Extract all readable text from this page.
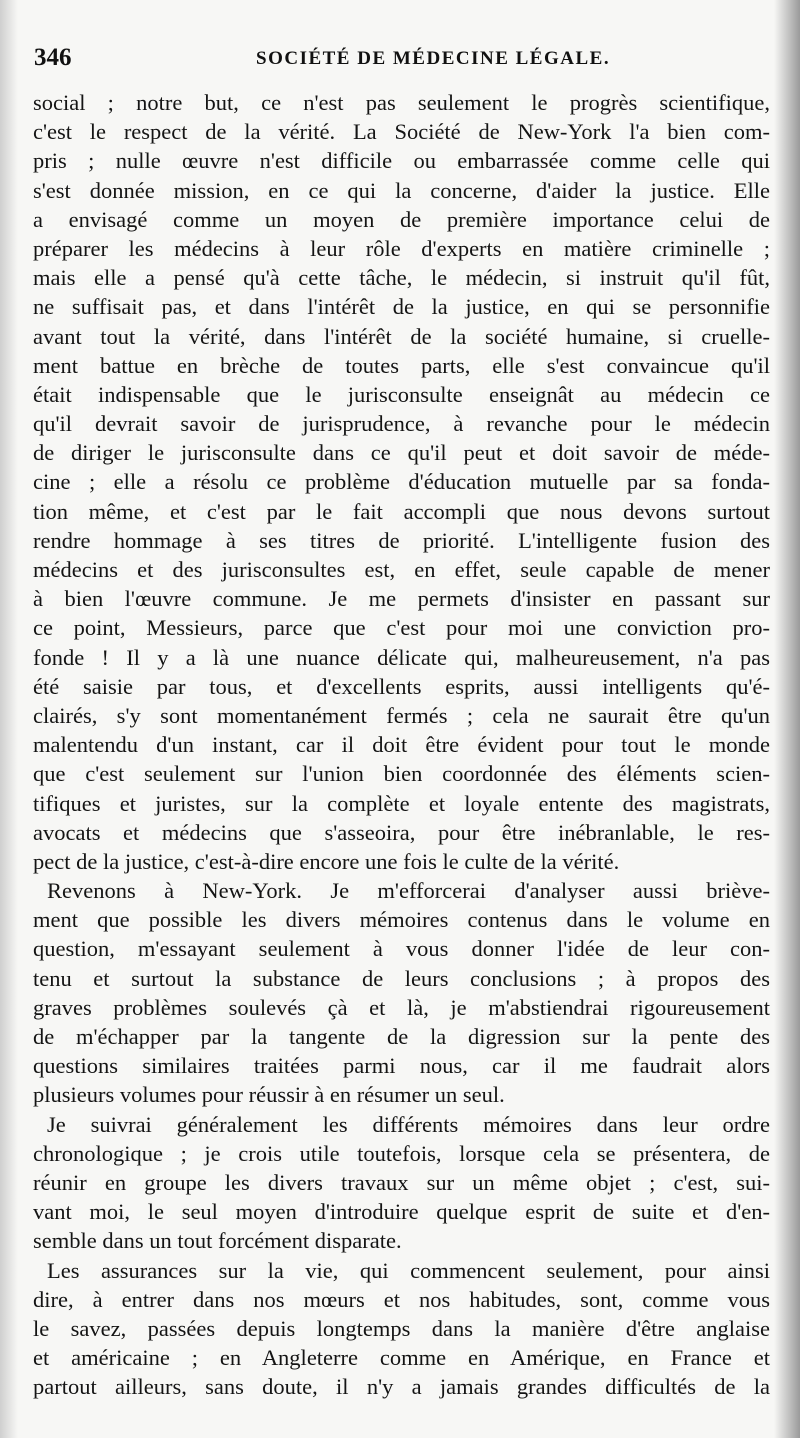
346	SOCIÉTÉ DE MÉDECINE LÉGALE.
social ; notre but, ce n'est pas seulement le progrès scientifique,
c'est le respect de la vérité. La Société de New-York l'a bien com-
pris ; nulle œuvre n'est difficile ou embarrassée comme celle qui
s'est donnée mission, en ce qui la concerne, d'aider la justice. Elle
a envisagé comme un moyen de première importance celui de
préparer les médecins à leur rôle d'experts en matière criminelle ;
mais elle a pensé qu'à cette tâche, le médecin, si instruit qu'il fût,
ne suffisait pas, et dans l'intérêt de la justice, en qui se personnifie
avant tout la vérité, dans l'intérêt de la société humaine, si cruelle-
ment battue en brèche de toutes parts, elle s'est convaincue qu'il
était indispensable que le jurisconsulte enseignât au médecin ce
qu'il devrait savoir de jurisprudence, à revanche pour le médecin
de diriger le jurisconsulte dans ce qu'il peut et doit savoir de méde-
cine ; elle a résolu ce problème d'éducation mutuelle par sa fonda-
tion même, et c'est par le fait accompli que nous devons surtout
rendre hommage à ses titres de priorité. L'intelligente fusion des
médecins et des jurisconsultes est, en effet, seule capable de mener
à bien l'œuvre commune. Je me permets d'insister en passant sur
ce point, Messieurs, parce que c'est pour moi une conviction pro-
fonde ! Il y a là une nuance délicate qui, malheureusement, n'a pas
été saisie par tous, et d'excellents esprits, aussi intelligents qu'é-
clairés, s'y sont momentanément fermés ; cela ne saurait être qu'un
malentendu d'un instant, car il doit être évident pour tout le monde
que c'est seulement sur l'union bien coordonnée des éléments scien-
tifiques et juristes, sur la complète et loyale entente des magistrats,
avocats et médecins que s'asseoira, pour être inébranlable, le res-
pect de la justice, c'est-à-dire encore une fois le culte de la vérité.
Revenons à New-York. Je m'efforcerai d'analyser aussi briève-
ment que possible les divers mémoires contenus dans le volume en
question, m'essayant seulement à vous donner l'idée de leur con-
tenu et surtout la substance de leurs conclusions ; à propos des
graves problèmes soulevés çà et là, je m'abstiendrai rigoureusement
de m'échapper par la tangente de la digression sur la pente des
questions similaires traitées parmi nous, car il me faudrait alors
plusieurs volumes pour réussir à en résumer un seul.
Je suivrai généralement les différents mémoires dans leur ordre
chronologique ; je crois utile toutefois, lorsque cela se présentera, de
réunir en groupe les divers travaux sur un même objet ; c'est, sui-
vant moi, le seul moyen d'introduire quelque esprit de suite et d'en-
semble dans un tout forcément disparate.
Les assurances sur la vie, qui commencent seulement, pour ainsi
dire, à entrer dans nos mœurs et nos habitudes, sont, comme vous
le savez, passées depuis longtemps dans la manière d'être anglaise
et américaine ; en Angleterre comme en Amérique, en France et
partout ailleurs, sans doute, il n'y a jamais grandes difficultés de la
